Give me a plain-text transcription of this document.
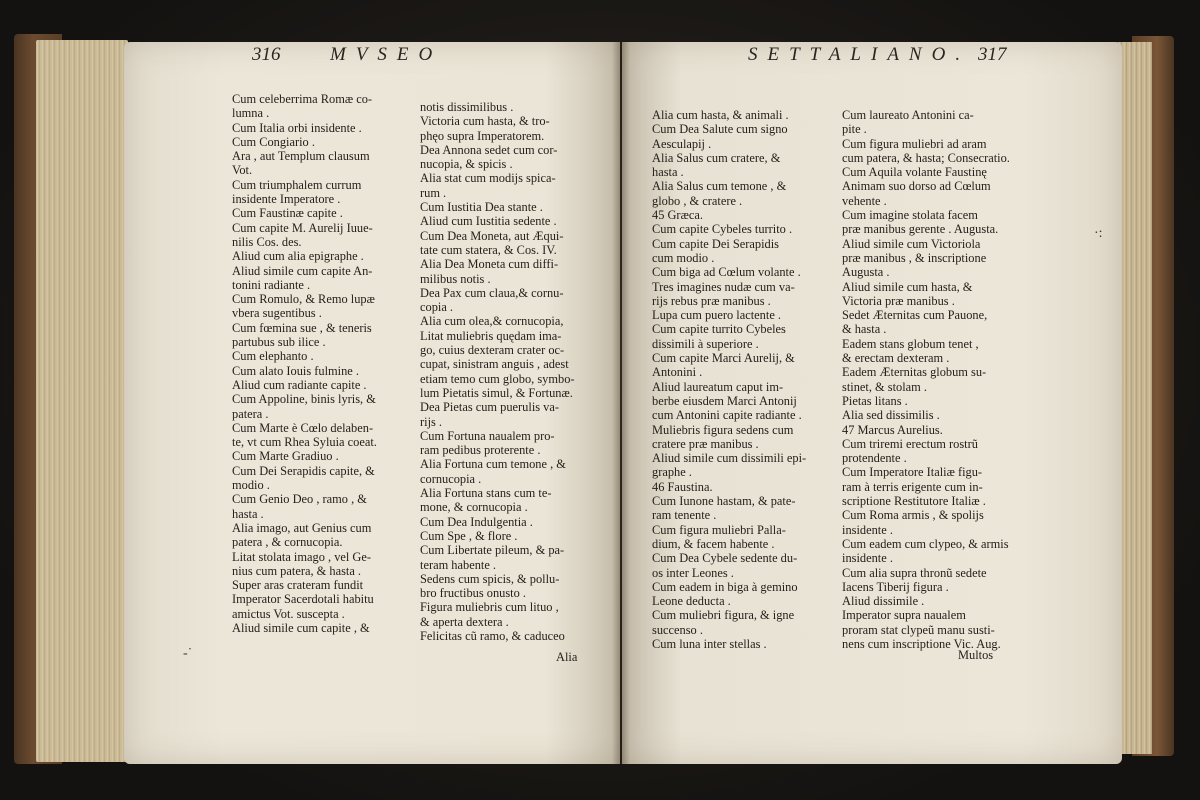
316	MVSEO	SETTALIANO. 317
Cum celeberrima Romæ co-
lumna .
Cum Italia orbi insidente .
Cum Congiario .
Ara , aut Templum clausum
Vot.
Cum triumphalem currum
insidente Imperatore .
Cum Faustinæ capite .
Cum capite M. Aurelij Iuue-
nilis Cos. des.
Aliud cum alia epigraphe .
Aliud simile cum capite An-
tonini radiante .
Cum Romulo, & Remo lupæ
vbera sugentibus .
Cum fœmina sue , & teneris
partubus sub ilice .
Cum elephanto .
Cum alato Iouis fulmine .
Aliud cum radiante capite .
Cum Appoline, binis lyris, &
patera .
Cum Marte è Cœlo delaben-
te, vt cum Rhea Syluia coeat.
Cum Marte Gradiuo .
Cum Dei Serapidis capite, &
modio .
Cum Genio Deo , ramo , &
hasta .
Alia imago, aut Genius cum
patera , & cornucopia.
Litat stolata imago , vel Ge-
nius cum patera, & hasta .
Super aras crateram fundit
Imperator Sacerdotali habitu
amictus Vot. suscepta .
Aliud simile cum capite , &
notis dissimilibus .
Victoria cum hasta, & tro-
phęo supra Imperatorem.
Dea Annona sedet cum cor-
nucopia, & spicis .
Alia stat cum modijs spica-
rum .
Cum Iustitia Dea stante .
Aliud cum Iustitia sedente .
Cum Dea Moneta, aut Æqui-
tate cum statera, & Cos. IV.
Alia Dea Moneta cum diffi-
milibus notis .
Dea Pax cum claua,& cornu-
copia .
Alia cum olea,& cornucopia,
Litat muliebris quędam ima-
go, cuius dexteram crater oc-
cupat, sinistram anguis , adest
etiam temo cum globo, symbo-
lum Pietatis simul, & Fortunæ.
Dea Pietas cum puerulis va-
rijs .
Cum Fortuna naualem pro-
ram pedibus proterente .
Alia Fortuna cum temone , &
cornucopia .
Alia Fortuna stans cum te-
mone, & cornucopia .
Cum Dea Indulgentia .
Cum Spe , & flore .
Cum Libertate pileum, & pa-
teram habente .
Sedens cum spicis, & pollu-
bro fructibus onusto .
Figura muliebris cum lituo ,
& aperta dextera .
Felicitas cũ ramo, & caduceo
Alia cum hasta, & animali .
Cum Dea Salute cum signo
Aesculapij .
Alia Salus cum cratere, &
hasta .
Alia Salus cum temone , &
globo , & cratere .
45 Græca.
Cum capite Cybeles turrito .
Cum capite Dei Serapidis
cum modio .
Cum biga ad Cœlum volante .
Tres imagines nudæ cum va-
rijs rebus præ manibus .
Lupa cum puero lactente .
Cum capite turrito Cybeles
dissimili à superiore .
Cum capite Marci Aurelij, &
Antonini .
Aliud laureatum caput im-
berbe eiusdem Marci Antonij
cum Antonini capite radiante .
Muliebris figura sedens cum
cratere præ manibus .
Aliud simile cum dissimili epi-
graphe .
46 Faustina.
Cum Iunone hastam, & pate-
ram tenente .
Cum figura muliebri Palla-
dium, & facem habente .
Cum Dea Cybele sedente du-
os inter Leones .
Cum eadem in biga à gemino
Leone deducta .
Cum muliebri figura, & igne
succenso .
Cum luna inter stellas .
Cum laureato Antonini ca-
pite .
Cum figura muliebri ad aram
cum patera, & hasta; Consecratio.
Cum Aquila volante Faustinę
Animam suo dorso ad Cœlum
vehente .
Cum imagine stolata facem
præ manibus gerente . Augusta.
Aliud simile cum Victoriola
præ manibus , & inscriptione
Augusta .
Aliud simile cum hasta, &
Victoria præ manibus .
Sedet Æternitas cum Pauone,
& hasta .
Eadem stans globum tenet ,
& erectam dexteram .
Eadem Æternitas globum su-
stinet, & stolam .
Pietas litans .
Alia sed dissimilis .
47 Marcus Aurelius.
Cum triremi erectum rostrũ
protendente .
Cum Imperatore Italiæ figu-
ram à terris erigente cum in-
scriptione Restitutore Italiæ .
Cum Roma armis , & spolijs
insidente .
Cum eadem cum clypeo, & armis
insidente .
Cum alia supra thronũ sedete
Iacens Tiberij figura .
Aliud dissimile .
Imperator supra naualem
proram stat clypeũ manu susti-
nens cum inscriptione Vic. Aug.
Alia	Multos
‑˙
·:
